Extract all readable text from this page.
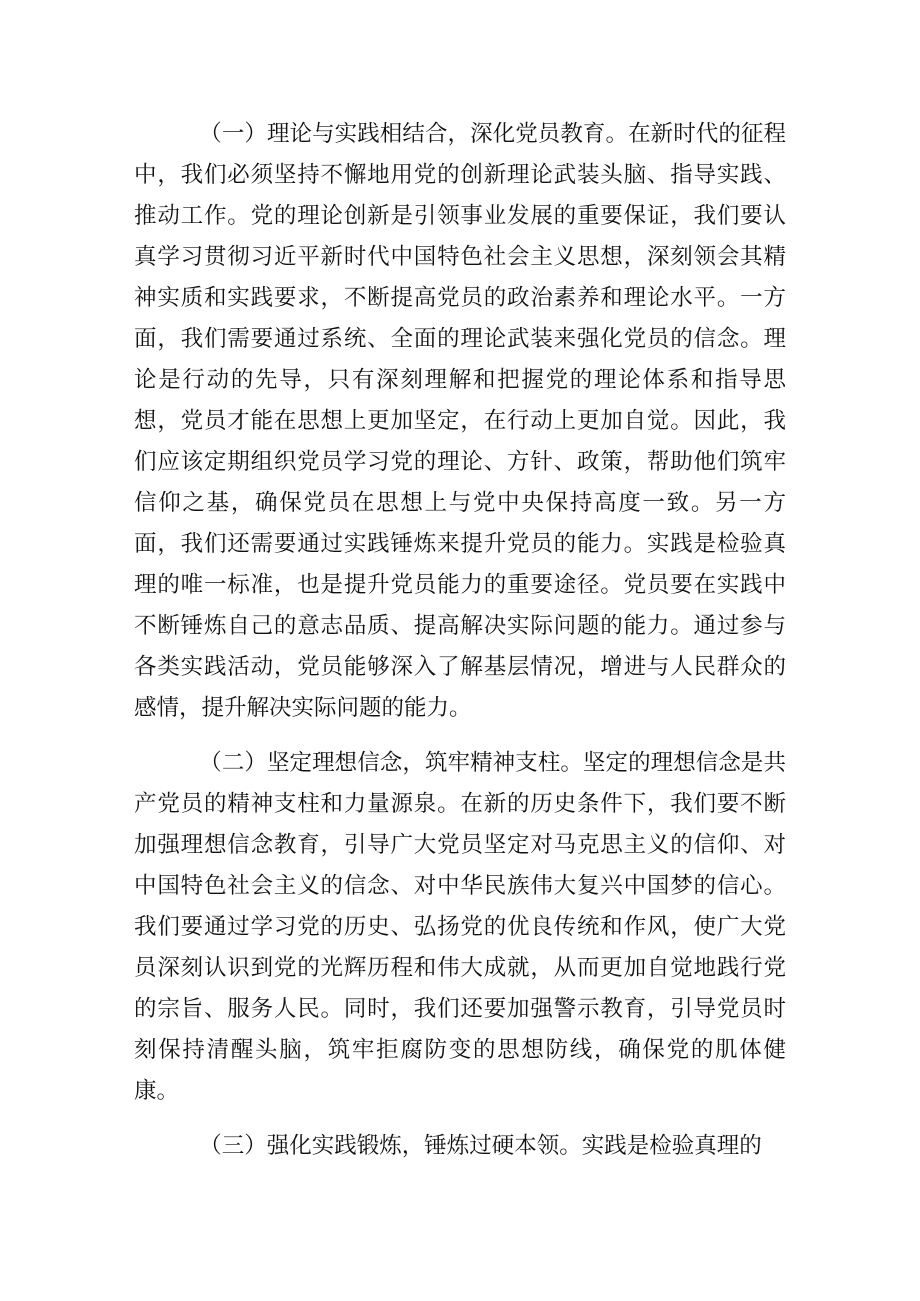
（一）理论与实践相结合，深化党员教育。在新时代的征程中，我们必须坚持不懈地用党的创新理论武装头脑、指导实践、推动工作。党的理论创新是引领事业发展的重要保证，我们要认真学习贯彻习近平新时代中国特色社会主义思想，深刻领会其精神实质和实践要求，不断提高党员的政治素养和理论水平。一方面，我们需要通过系统、全面的理论武装来强化党员的信念。理论是行动的先导，只有深刻理解和把握党的理论体系和指导思想，党员才能在思想上更加坚定，在行动上更加自觉。因此，我们应该定期组织党员学习党的理论、方针、政策，帮助他们筑牢信仰之基，确保党员在思想上与党中央保持高度一致。另一方面，我们还需要通过实践锤炼来提升党员的能力。实践是检验真理的唯一标准，也是提升党员能力的重要途径。党员要在实践中不断锤炼自己的意志品质、提高解决实际问题的能力。通过参与各类实践活动，党员能够深入了解基层情况，增进与人民群众的感情，提升解决实际问题的能力。

（二）坚定理想信念，筑牢精神支柱。坚定的理想信念是共产党员的精神支柱和力量源泉。在新的历史条件下，我们要不断加强理想信念教育，引导广大党员坚定对马克思主义的信仰、对中国特色社会主义的信念、对中华民族伟大复兴中国梦的信心。我们要通过学习党的历史、弘扬党的优良传统和作风，使广大党员深刻认识到党的光辉历程和伟大成就，从而更加自觉地践行党的宗旨、服务人民。同时，我们还要加强警示教育，引导党员时刻保持清醒头脑，筑牢拒腐防变的思想防线，确保党的肌体健康。

（三）强化实践锻炼，锤炼过硬本领。实践是检验真理的
